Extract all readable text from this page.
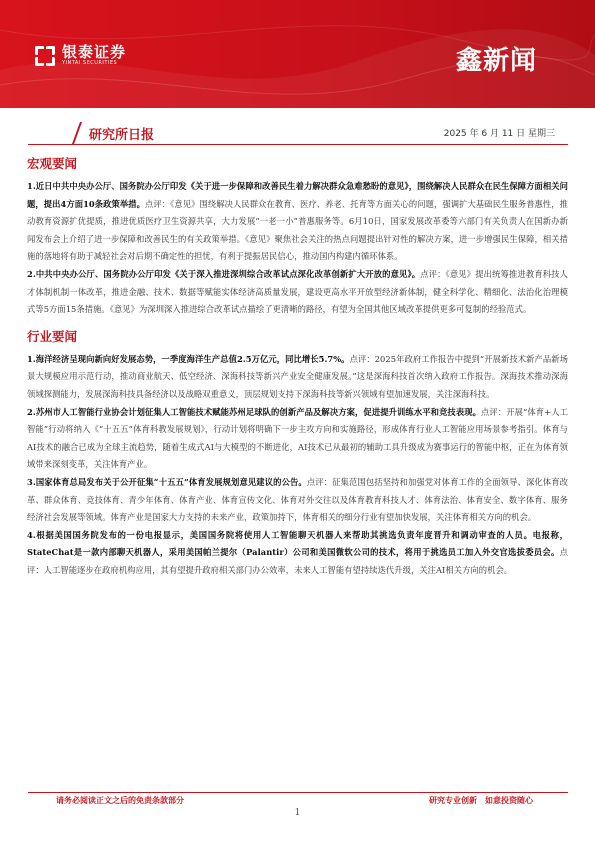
银泰证券
YINTAI SECURITIES	鑫新闻
研究所日报	2025 年 6 月 11 日 星期三
宏观要闻

1.近日中共中央办公厅、国务院办公厅印发《关于进一步保障和改善民生着力解决群众急难愁盼的意见》，围绕解决人民群众在民生保障方面相关问题，提出4方面10条政策举措。点评：《意见》围绕解决人民群众在教育、医疗、养老、托育等方面关心的问题，强调扩大基础民生服务普惠性，推动教育资源扩优提质，推进优质医疗卫生资源共享，大力发展“一老一小”普惠服务等。6月10日，国家发展改革委等六部门有关负责人在国新办新闻发布会上介绍了进一步保障和改善民生的有关政策举措。《意见》聚焦社会关注的热点问题提出针对性的解决方案，进一步增强民生保障，相关措施的落地将有助于减轻社会对后期不确定性的担忧，有利于提振居民信心，推动国内构建内循环体系。

2.中共中央办公厅、国务院办公厅印发《关于深入推进深圳综合改革试点深化改革创新扩大开放的意见》。点评：《意见》提出统筹推进教育科技人才体制机制一体改革，推进金融、技术、数据等赋能实体经济高质量发展，建设更高水平开放型经济新体制，健全科学化、精细化、法治化治理模式等5方面15条措施。《意见》为深圳深入推进综合改革试点描绘了更清晰的路径，有望为全国其他区域改革提供更多可复制的经验范式。

行业要闻

1.海洋经济呈现向新向好发展态势，一季度海洋生产总值2.5万亿元，同比增长5.7%。点评：2025年政府工作报告中提到“开展新技术新产品新场景大规模应用示范行动，推动商业航天、低空经济、深海科技等新兴产业安全健康发展。”这是深海科技首次纳入政府工作报告。深海技术推动深海领域探测能力，发展深海科技具备经济以及战略双重意义，顶层规划支持下深海科技等新兴领域有望加速发展，关注深海科技。

2.苏州市人工智能行业协会计划征集人工智能技术赋能苏州足球队的创新产品及解决方案，促进提升训练水平和竞技表现。点评：开展“体育+人工智能”行动将纳入《“十五五”体育科教发展规划》，行动计划将明确下一步主攻方向和实施路径，形成体育行业人工智能应用场景参考指引。体育与AI技术的融合已成为全球主流趋势，随着生成式AI与大模型的不断进化，AI技术已从最初的辅助工具升级成为赛事运行的智能中枢，正在为体育领域带来深刻变革，关注体育产业。

3.国家体育总局发布关于公开征集“十五五”体育发展规划意见建议的公告。点评：征集范围包括坚持和加强党对体育工作的全面领导、深化体育改革、群众体育、竞技体育、青少年体育、体育产业、体育宣传文化、体育对外交往以及体育教育科技人才、体育法治、体育安全、数字体育、服务经济社会发展等领域。体育产业是国家大力支持的未来产业，政策加持下，体育相关的细分行业有望加快发展，关注体育相关方向的机会。

4.根据美国国务院发布的一份电报显示，美国国务院将使用人工智能聊天机器人来帮助其挑选负责年度晋升和调动审查的人员。电报称，StateChat是一款内部聊天机器人，采用美国帕兰提尔（Palantir）公司和美国微软公司的技术，将用于挑选员工加入外交官选拔委员会。点评：人工智能逐步在政府机构应用，其有望提升政府相关部门办公效率，未来人工智能有望持续迭代升级，关注AI相关方向的机会。

请务必阅读正文之后的免责条款部分	研究专业创新　如意投资随心
1
